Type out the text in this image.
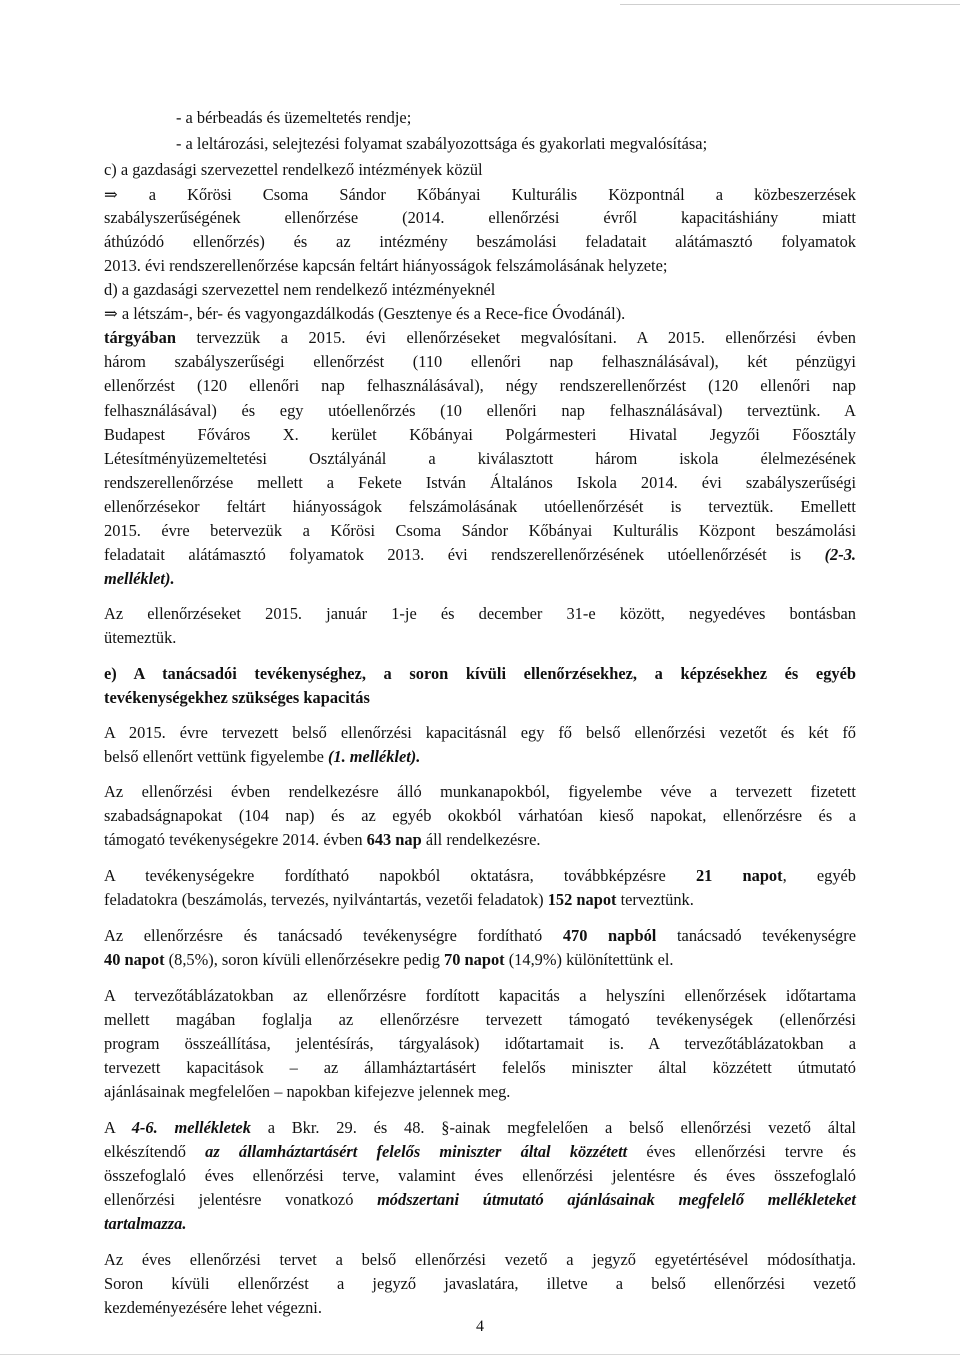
- a bérbeadás és üzemeltetés rendje;
- a leltározási, selejtezési folyamat szabályozottsága és gyakorlati megvalósítása;
c) a gazdasági szervezettel rendelkező intézmények közül
⇒ a Kőrösi Csoma Sándor Kőbányai Kulturális Központnál a közbeszerzések
szabályszerűségének ellenőrzése (2014. ellenőrzési évről kapacitáshiány miatt
áthúzódó ellenőrzés) és az intézmény beszámolási feladatait alátámasztó folyamatok
2013. évi rendszerellenőrzése kapcsán feltárt hiányosságok felszámolásának helyzete;
d) a gazdasági szervezettel nem rendelkező intézményeknél
⇒ a létszám-, bér- és vagyongazdálkodás (Gesztenye és a Rece-fice Óvodánál).
tárgyában tervezzük a 2015. évi ellenőrzéseket megvalósítani. A 2015. ellenőrzési évben
három szabályszerűségi ellenőrzést (110 ellenőri nap felhasználásával), két pénzügyi
ellenőrzést (120 ellenőri nap felhasználásával), négy rendszerellenőrzést (120 ellenőri nap
felhasználásával) és egy utóellenőrzés (10 ellenőri nap felhasználásával) terveztünk. A
Budapest Főváros X. kerület Kőbányai Polgármesteri Hivatal Jegyzői Főosztály
Létesítményüzemeltetési Osztályánál a kiválasztott három iskola élelmezésének
rendszerellenőrzése mellett a Fekete István Általános Iskola 2014. évi szabályszerűségi
ellenőrzésekor feltárt hiányosságok felszámolásának utóellenőrzését is terveztük. Emellett
2015. évre betervezük a Kőrösi Csoma Sándor Kőbányai Kulturális Központ beszámolási
feladatait alátámasztó folyamatok 2013. évi rendszerellenőrzésének utóellenőrzését is (2-3.
melléklet).
Az ellenőrzéseket 2015. január 1-je és december 31-e között, negyedéves bontásban
ütemeztük.
e) A tanácsadói tevékenységhez, a soron kívüli ellenőrzésekhez, a képzésekhez és egyéb
tevékenységekhez szükséges kapacitás
A 2015. évre tervezett belső ellenőrzési kapacitásnál egy fő belső ellenőrzési vezetőt és két fő
belső ellenőrt vettünk figyelembe (1. melléklet).
Az ellenőrzési évben rendelkezésre álló munkanapokból, figyelembe véve a tervezett fizetett
szabadságnapokat (104 nap) és az egyéb okokból várhatóan kieső napokat, ellenőrzésre és a
támogató tevékenységekre 2014. évben 643 nap áll rendelkezésre.
A tevékenységekre fordítható napokból oktatásra, továbbképzésre 21 napot, egyéb
feladatokra (beszámolás, tervezés, nyilvántartás, vezetői feladatok) 152 napot terveztünk.
Az ellenőrzésre és tanácsadó tevékenységre fordítható 470 napból tanácsadó tevékenységre
40 napot (8,5%), soron kívüli ellenőrzésekre pedig 70 napot (14,9%) különítettünk el.
A tervezőtáblázatokban az ellenőrzésre fordított kapacitás a helyszíni ellenőrzések időtartama
mellett magában foglalja az ellenőrzésre tervezett támogató tevékenységek (ellenőrzési
program összeállítása, jelentésírás, tárgyalások) időtartamait is. A tervezőtáblázatokban a
tervezett kapacitások – az államháztartásért felelős miniszter által közzétett útmutató
ajánlásainak megfelelően – napokban kifejezve jelennek meg.
A 4-6. mellékletek a Bkr. 29. és 48. §-ainak megfelelően a belső ellenőrzési vezető által
elkészítendő az államháztartásért felelős miniszter által közzétett éves ellenőrzési tervre és
összefoglaló éves ellenőrzési terve, valamint éves ellenőrzési jelentésre és éves összefoglaló
ellenőrzési jelentésre vonatkozó módszertani útmutató ajánlásainak megfelelő mellékleteket
tartalmazza.
Az éves ellenőrzési tervet a belső ellenőrzési vezető a jegyző egyetértésével módosíthatja.
Soron kívüli ellenőrzést a jegyző javaslatára, illetve a belső ellenőrzési vezető
kezdeményezésére lehet végezni.
4
